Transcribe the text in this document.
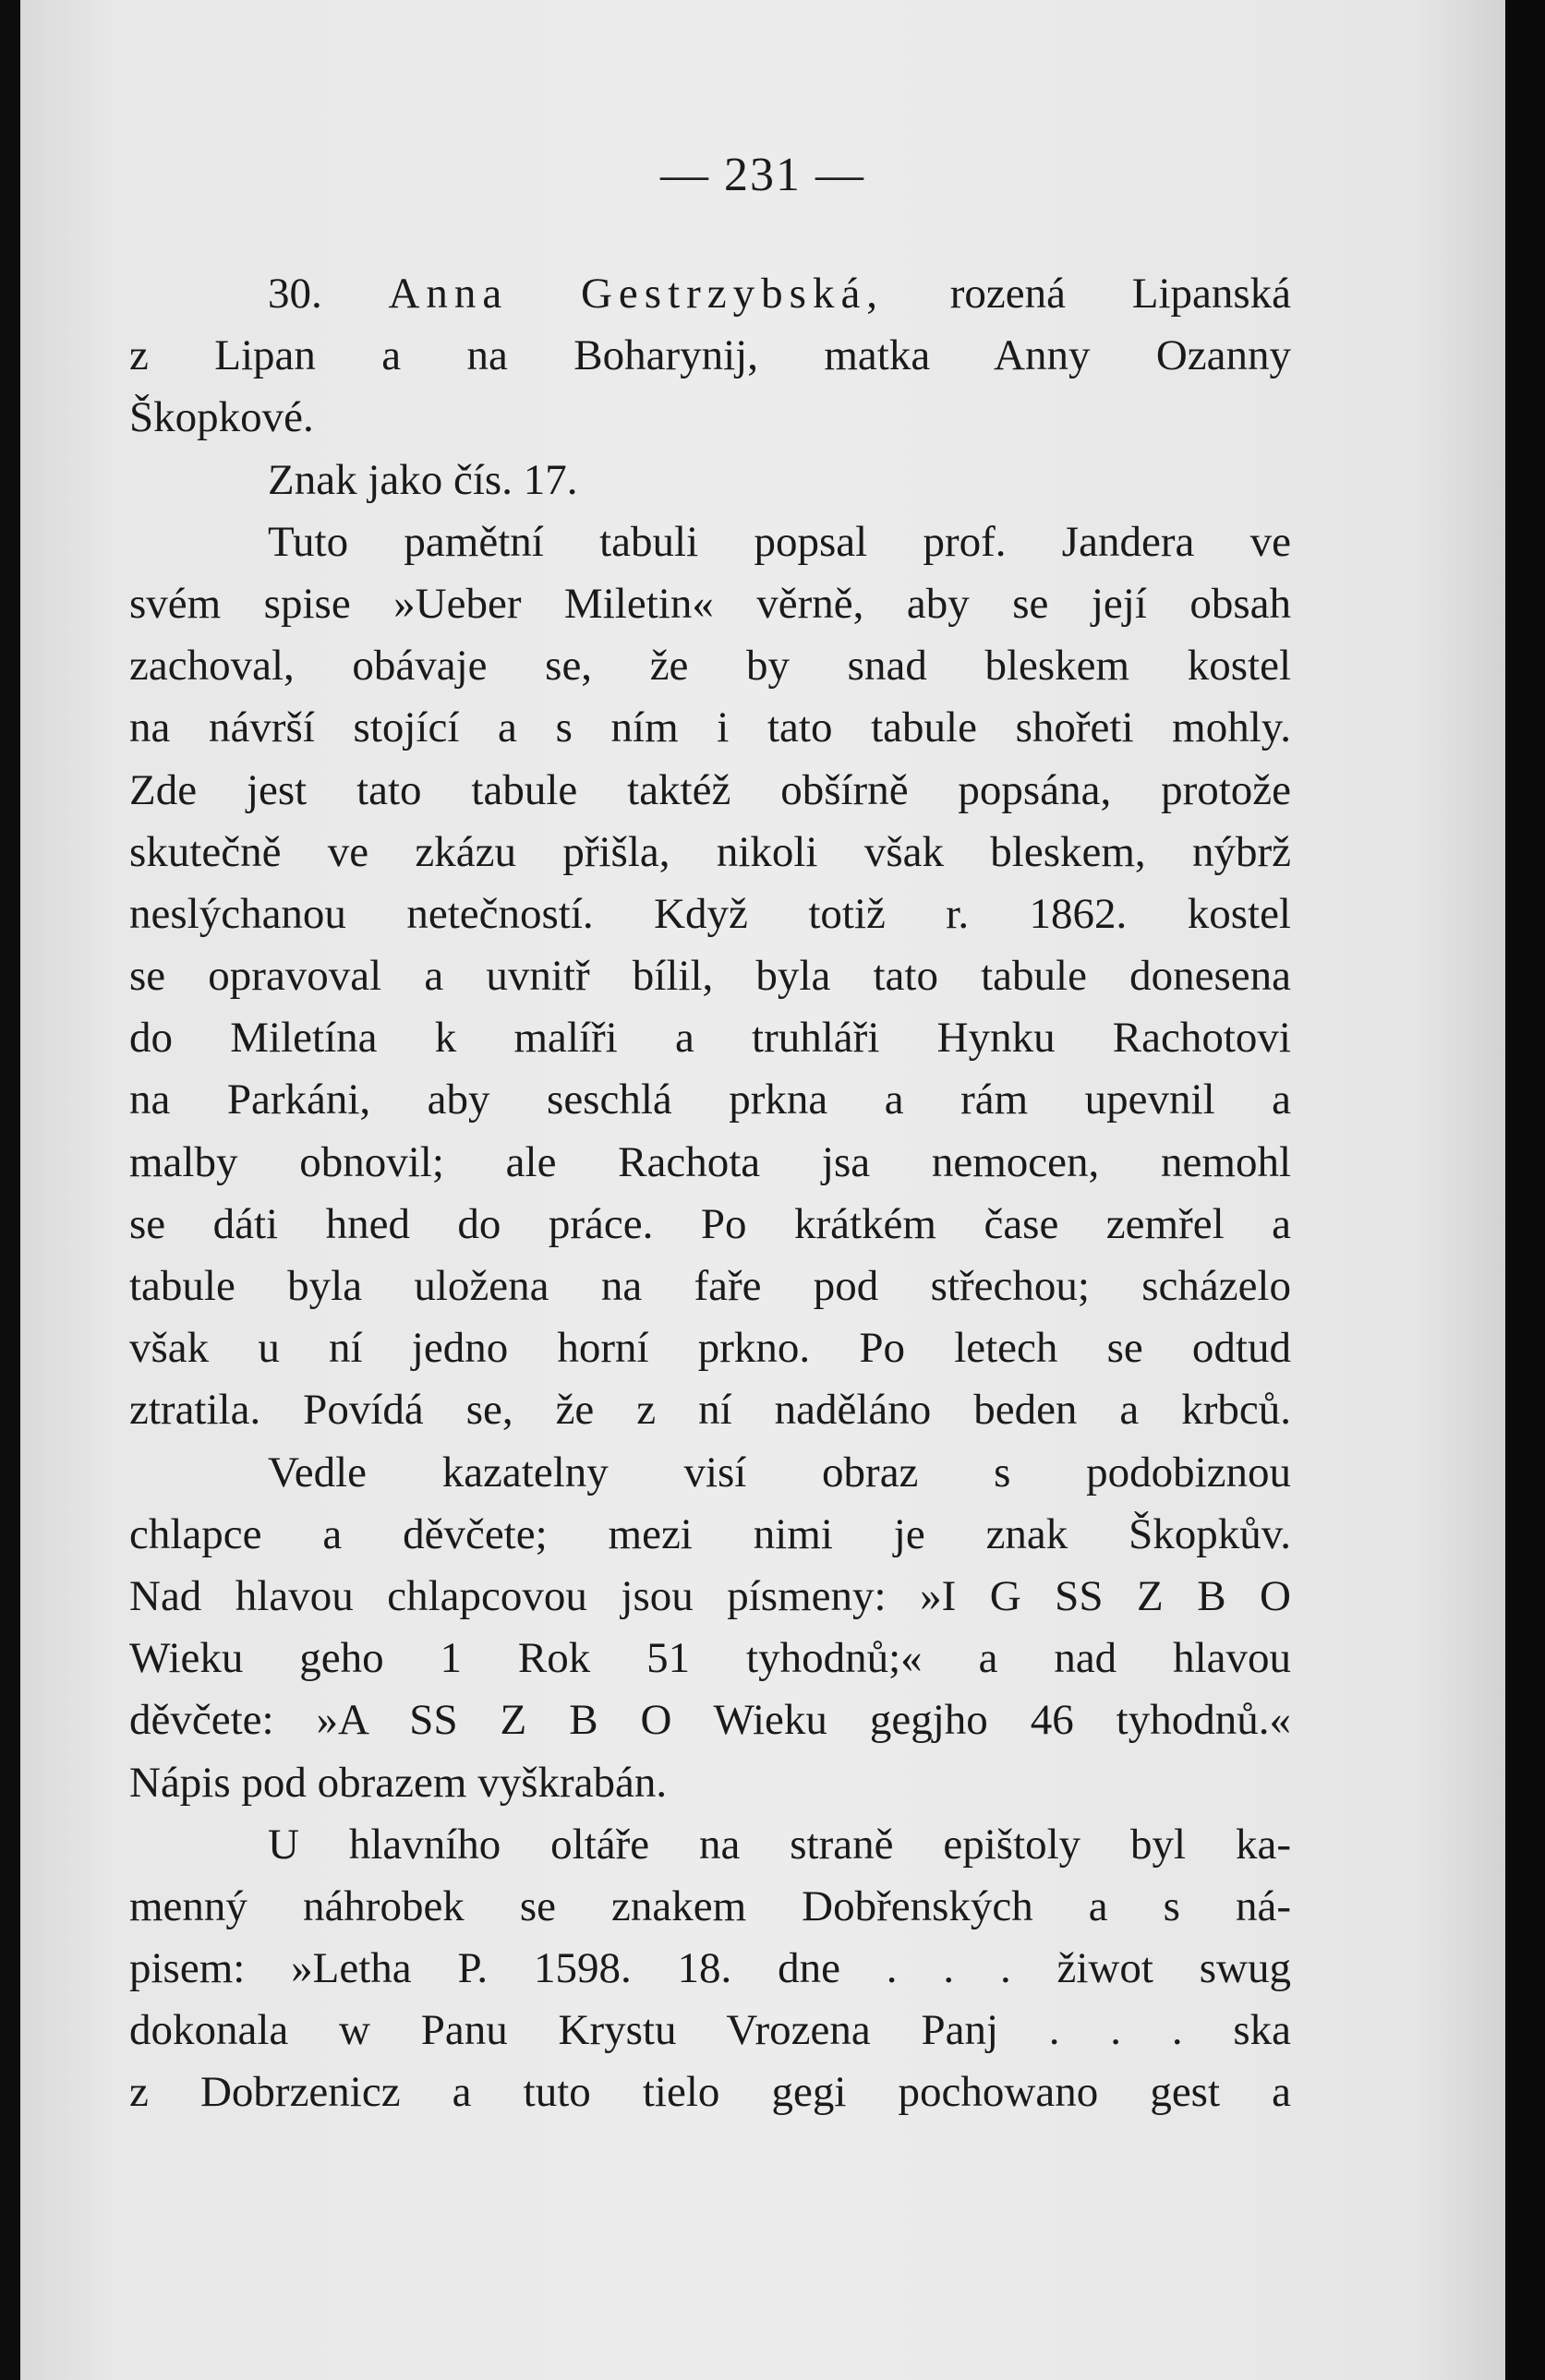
— 231 —
30. Anna Gestrzybská, rozená Lipanská
z Lipan a na Boharynij, matka Anny Ozanny
Škopkové.
Znak jako čís. 17.
Tuto pamětní tabuli popsal prof. Jandera ve
svém spise »Ueber Miletin« věrně, aby se její obsah
zachoval, obávaje se, že by snad bleskem kostel
na návrší stojící a s ním i tato tabule shořeti mohly.
Zde jest tato tabule taktéž obšírně popsána, protože
skutečně ve zkázu přišla, nikoli však bleskem, nýbrž
neslýchanou netečností. Když totiž r. 1862. kostel
se opravoval a uvnitř bílil, byla tato tabule donesena
do Miletína k malíři a truhláři Hynku Rachotovi
na Parkáni, aby seschlá prkna a rám upevnil a
malby obnovil; ale Rachota jsa nemocen, nemohl
se dáti hned do práce. Po krátkém čase zemřel a
tabule byla uložena na faře pod střechou; scházelo
však u ní jedno horní prkno. Po letech se odtud
ztratila. Povídá se, že z ní naděláno beden a krbců.
Vedle kazatelny visí obraz s podobiznou
chlapce a děvčete; mezi nimi je znak Škopkův.
Nad hlavou chlapcovou jsou písmeny: »I G SS Z B O
Wieku geho 1 Rok 51 tyhodnů;« a nad hlavou
děvčete: »A SS Z B O Wieku gegjho 46 tyhodnů.«
Nápis pod obrazem vyškrabán.
U hlavního oltáře na straně epištoly byl ka-
menný náhrobek se znakem Dobřenských a s ná-
pisem: »Letha P. 1598. 18. dne . . . žiwot swug
dokonala w Panu Krystu Vrozena Panj . . . ska
z Dobrzenicz a tuto tielo gegi pochowano gest a
